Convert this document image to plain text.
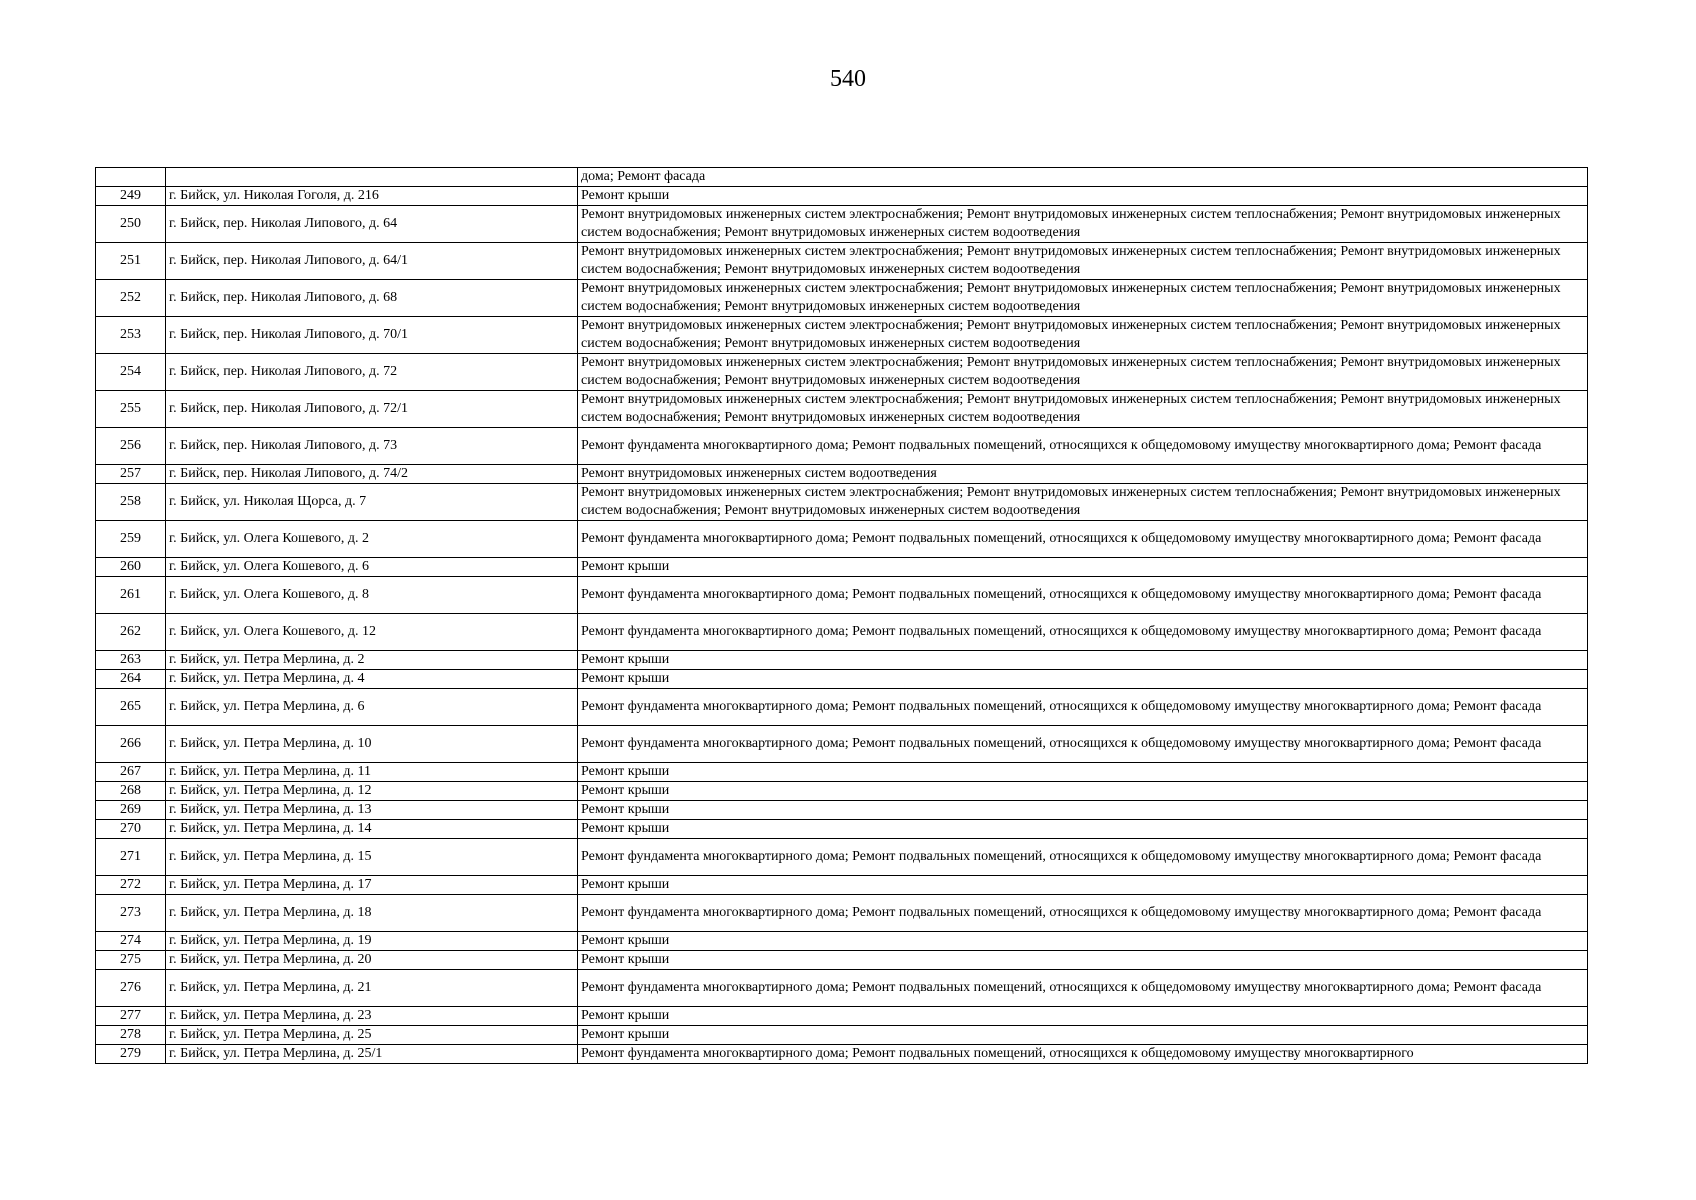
540
		дома; Ремонт фасада
249	г. Бийск, ул. Николая Гоголя, д. 216	Ремонт крыши
250	г. Бийск, пер. Николая Липового, д. 64	Ремонт внутридомовых инженерных систем электроснабжения; Ремонт внутридомовых инженерных систем теплоснабжения; Ремонт внутридомовых инженерных систем водоснабжения; Ремонт внутридомовых инженерных систем водоотведения
251	г. Бийск, пер. Николая Липового, д. 64/1	Ремонт внутридомовых инженерных систем электроснабжения; Ремонт внутридомовых инженерных систем теплоснабжения; Ремонт внутридомовых инженерных систем водоснабжения; Ремонт внутридомовых инженерных систем водоотведения
252	г. Бийск, пер. Николая Липового, д. 68	Ремонт внутридомовых инженерных систем электроснабжения; Ремонт внутридомовых инженерных систем теплоснабжения; Ремонт внутридомовых инженерных систем водоснабжения; Ремонт внутридомовых инженерных систем водоотведения
253	г. Бийск, пер. Николая Липового, д. 70/1	Ремонт внутридомовых инженерных систем электроснабжения; Ремонт внутридомовых инженерных систем теплоснабжения; Ремонт внутридомовых инженерных систем водоснабжения; Ремонт внутридомовых инженерных систем водоотведения
254	г. Бийск, пер. Николая Липового, д. 72	Ремонт внутридомовых инженерных систем электроснабжения; Ремонт внутридомовых инженерных систем теплоснабжения; Ремонт внутридомовых инженерных систем водоснабжения; Ремонт внутридомовых инженерных систем водоотведения
255	г. Бийск, пер. Николая Липового, д. 72/1	Ремонт внутридомовых инженерных систем электроснабжения; Ремонт внутридомовых инженерных систем теплоснабжения; Ремонт внутридомовых инженерных систем водоснабжения; Ремонт внутридомовых инженерных систем водоотведения
256	г. Бийск, пер. Николая Липового, д. 73	Ремонт фундамента многоквартирного дома; Ремонт подвальных помещений, относящихся к общедомовому имуществу многоквартирного дома; Ремонт фасада
257	г. Бийск, пер. Николая Липового, д. 74/2	Ремонт внутридомовых инженерных систем водоотведения
258	г. Бийск, ул. Николая Щорса, д. 7	Ремонт внутридомовых инженерных систем электроснабжения; Ремонт внутридомовых инженерных систем теплоснабжения; Ремонт внутридомовых инженерных систем водоснабжения; Ремонт внутридомовых инженерных систем водоотведения
259	г. Бийск, ул. Олега Кошевого, д. 2	Ремонт фундамента многоквартирного дома; Ремонт подвальных помещений, относящихся к общедомовому имуществу многоквартирного дома; Ремонт фасада
260	г. Бийск, ул. Олега Кошевого, д. 6	Ремонт крыши
261	г. Бийск, ул. Олега Кошевого, д. 8	Ремонт фундамента многоквартирного дома; Ремонт подвальных помещений, относящихся к общедомовому имуществу многоквартирного дома; Ремонт фасада
262	г. Бийск, ул. Олега Кошевого, д. 12	Ремонт фундамента многоквартирного дома; Ремонт подвальных помещений, относящихся к общедомовому имуществу многоквартирного дома; Ремонт фасада
263	г. Бийск, ул. Петра Мерлина, д. 2	Ремонт крыши
264	г. Бийск, ул. Петра Мерлина, д. 4	Ремонт крыши
265	г. Бийск, ул. Петра Мерлина, д. 6	Ремонт фундамента многоквартирного дома; Ремонт подвальных помещений, относящихся к общедомовому имуществу многоквартирного дома; Ремонт фасада
266	г. Бийск, ул. Петра Мерлина, д. 10	Ремонт фундамента многоквартирного дома; Ремонт подвальных помещений, относящихся к общедомовому имуществу многоквартирного дома; Ремонт фасада
267	г. Бийск, ул. Петра Мерлина, д. 11	Ремонт крыши
268	г. Бийск, ул. Петра Мерлина, д. 12	Ремонт крыши
269	г. Бийск, ул. Петра Мерлина, д. 13	Ремонт крыши
270	г. Бийск, ул. Петра Мерлина, д. 14	Ремонт крыши
271	г. Бийск, ул. Петра Мерлина, д. 15	Ремонт фундамента многоквартирного дома; Ремонт подвальных помещений, относящихся к общедомовому имуществу многоквартирного дома; Ремонт фасада
272	г. Бийск, ул. Петра Мерлина, д. 17	Ремонт крыши
273	г. Бийск, ул. Петра Мерлина, д. 18	Ремонт фундамента многоквартирного дома; Ремонт подвальных помещений, относящихся к общедомовому имуществу многоквартирного дома; Ремонт фасада
274	г. Бийск, ул. Петра Мерлина, д. 19	Ремонт крыши
275	г. Бийск, ул. Петра Мерлина, д. 20	Ремонт крыши
276	г. Бийск, ул. Петра Мерлина, д. 21	Ремонт фундамента многоквартирного дома; Ремонт подвальных помещений, относящихся к общедомовому имуществу многоквартирного дома; Ремонт фасада
277	г. Бийск, ул. Петра Мерлина, д. 23	Ремонт крыши
278	г. Бийск, ул. Петра Мерлина, д. 25	Ремонт крыши
279	г. Бийск, ул. Петра Мерлина, д. 25/1	Ремонт фундамента многоквартирного дома; Ремонт подвальных помещений, относящихся к общедомовому имуществу многоквартирного
